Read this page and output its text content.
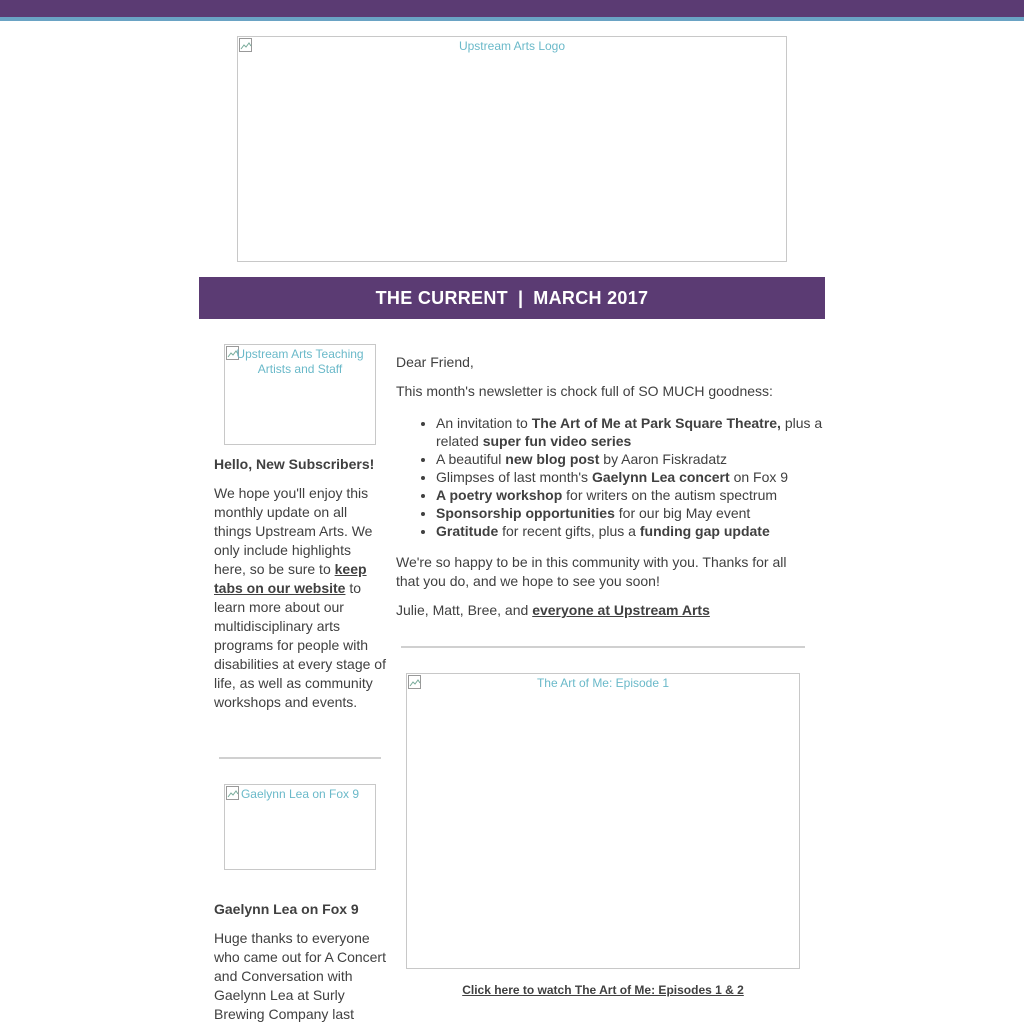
Upstream Arts Logo
THE CURRENT | MARCH 2017
Upstream Arts Teaching Artists and Staff
Hello, New Subscribers!
We hope you'll enjoy this monthly update on all things Upstream Arts. We only include highlights here, so be sure to keep tabs on our website to learn more about our multidisciplinary arts programs for people with disabilities at every stage of life, as well as community workshops and events.
Gaelynn Lea on Fox 9
Gaelynn Lea on Fox 9
Huge thanks to everyone who came out for A Concert and Conversation with Gaelynn Lea at Surly Brewing Company last
Dear Friend,
This month's newsletter is chock full of SO MUCH goodness:
• An invitation to The Art of Me at Park Square Theatre, plus a related super fun video series
• A beautiful new blog post by Aaron Fiskradatz
• Glimpses of last month's Gaelynn Lea concert on Fox 9
• A poetry workshop for writers on the autism spectrum
• Sponsorship opportunities for our big May event
• Gratitude for recent gifts, plus a funding gap update
We're so happy to be in this community with you. Thanks for all that you do, and we hope to see you soon!
Julie, Matt, Bree, and everyone at Upstream Arts
The Art of Me: Episode 1
Click here to watch The Art of Me: Episodes 1 & 2
